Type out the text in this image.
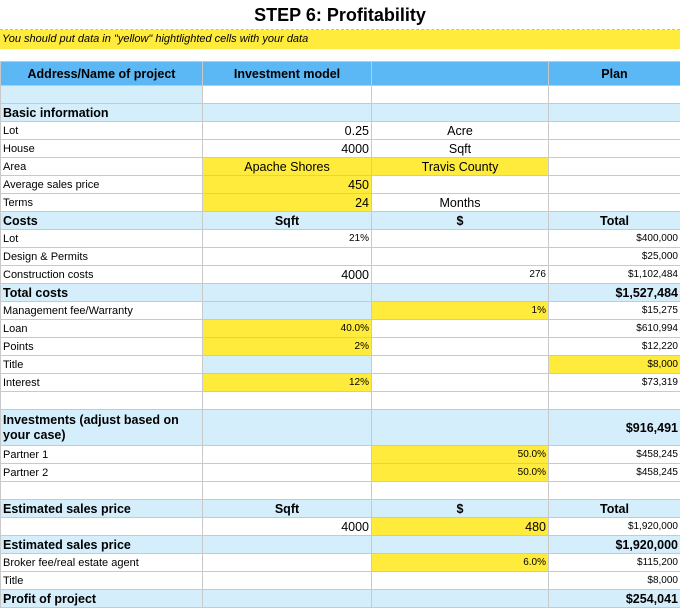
STEP 6: Profitability
You should put data in "yellow" hightlighted cells with your data
Address/Name of project	Investment model			Plan

Basic information			
Lot	0.25	Acre	
House	4000	Sqft	
Area	Apache Shores	Travis County	
Average sales price	450		
Terms	24	Months	
Costs	Sqft	$	Total
Lot	21%		$400,000
Design & Permits			$25,000
Construction costs	4000	276	$1,102,484
Total costs			$1,527,484
Management fee/Warranty		1%	$15,275
Loan	40.0%		$610,994
Points	2%		$12,220
Title			$8,000
Interest	12%		$73,319

Investments (adjust based on your case)			$916,491
Partner 1		50.0%	$458,245
Partner 2		50.0%	$458,245

Estimated sales price	Sqft	$	Total
	4000	480	$1,920,000
Estimated sales price			$1,920,000
Broker fee/real estate agent		6.0%	$115,200
Title			$8,000
Profit of project			$254,041
